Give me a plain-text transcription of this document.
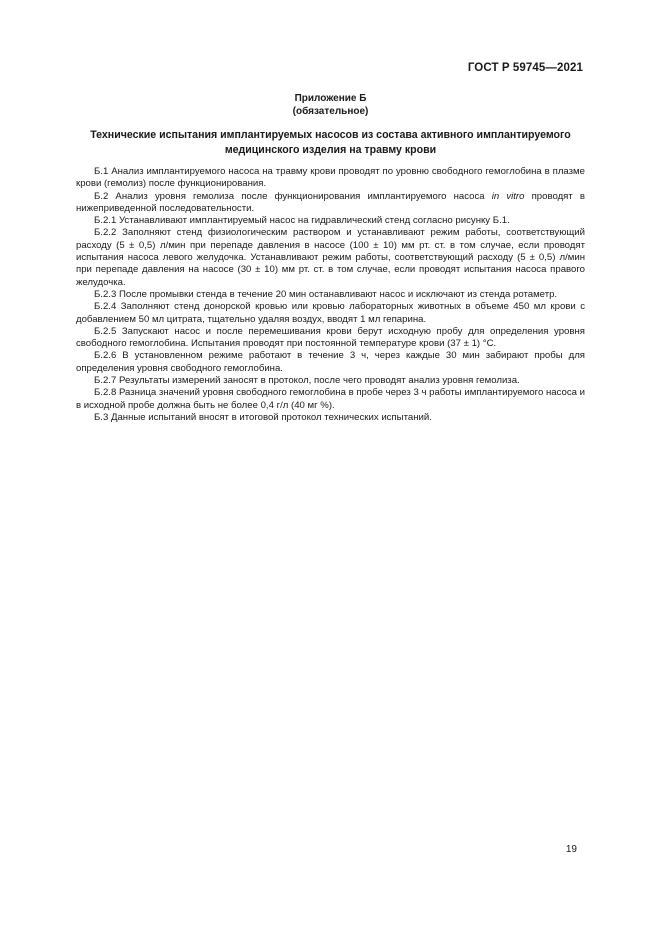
ГОСТ Р 59745—2021
Приложение Б
(обязательное)
Технические испытания имплантируемых насосов из состава активного имплантируемого медицинского изделия на травму крови

Б.1 Анализ имплантируемого насоса на травму крови проводят по уровню свободного гемоглобина в плазме крови (гемолиз) после функционирования.

Б.2 Анализ уровня гемолиза после функционирования имплантируемого насоса in vitro проводят в нижеприведенной последовательности.

Б.2.1 Устанавливают имплантируемый насос на гидравлический стенд согласно рисунку Б.1.

Б.2.2 Заполняют стенд физиологическим раствором и устанавливают режим работы, соответствующий расходу (5 ± 0,5) л/мин при перепаде давления в насосе (100 ± 10) мм рт. ст. в том случае, если проводят испытания насоса левого желудочка. Устанавливают режим работы, соответствующий расходу (5 ± 0,5) л/мин при перепаде давления на насосе (30 ± 10) мм рт. ст. в том случае, если проводят испытания насоса правого желудочка.

Б.2.3 После промывки стенда в течение 20 мин останавливают насос и исключают из стенда ротаметр.

Б.2.4 Заполняют стенд донорской кровью или кровью лабораторных животных в объеме 450 мл крови с добавлением 50 мл цитрата, тщательно удаляя воздух, вводят 1 мл гепарина.

Б.2.5 Запускают насос и после перемешивания крови берут исходную пробу для определения уровня свободного гемоглобина. Испытания проводят при постоянной температуре крови (37 ± 1) °С.

Б.2.6 В установленном режиме работают в течение 3 ч, через каждые 30 мин забирают пробы для определения уровня свободного гемоглобина.

Б.2.7 Результаты измерений заносят в протокол, после чего проводят анализ уровня гемолиза.

Б.2.8 Разница значений уровня свободного гемоглобина в пробе через 3 ч работы имплантируемого насоса и в исходной пробе должна быть не более 0,4 г/л (40 мг %).

Б.3 Данные испытаний вносят в итоговой протокол технических испытаний.

19
